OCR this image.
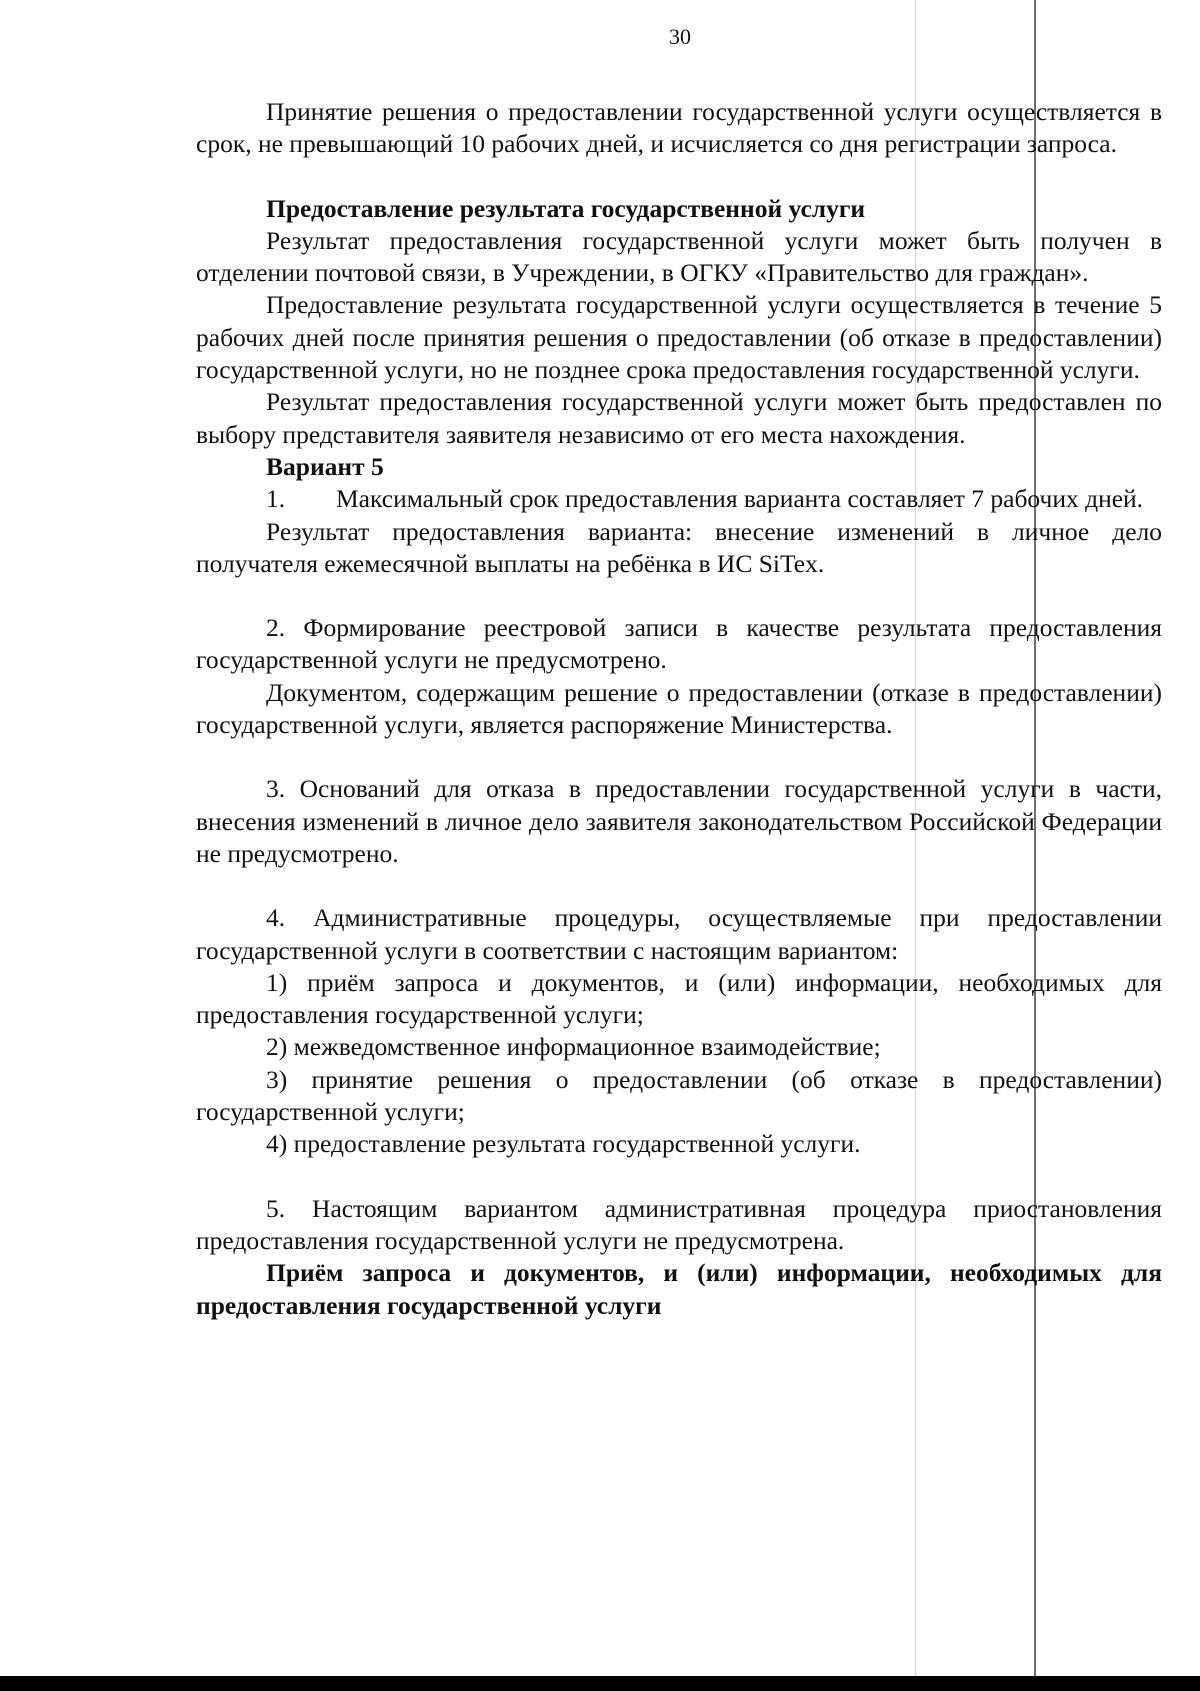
30

Принятие решения о предоставлении государственной услуги осуществляется в срок, не превышающий 10 рабочих дней, и исчисляется со дня регистрации запроса.

Предоставление результата государственной услуги

Результат предоставления государственной услуги может быть получен в отделении почтовой связи, в Учреждении, в ОГКУ «Правительство для граждан».

Предоставление результата государственной услуги осуществляется в течение 5 рабочих дней после принятия решения о предоставлении (об отказе в предоставлении) государственной услуги, но не позднее срока предоставления государственной услуги.

Результат предоставления государственной услуги может быть предоставлен по выбору представителя заявителя независимо от его места нахождения.

Вариант 5

1.	Максимальный срок предоставления варианта составляет 7 рабочих дней.

Результат предоставления варианта: внесение изменений в личное дело получателя ежемесячной выплаты на ребёнка в ИС SiTex.

2. Формирование реестровой записи в качестве результата предоставления государственной услуги не предусмотрено.

Документом, содержащим решение о предоставлении (отказе в предоставлении) государственной услуги, является распоряжение Министерства.

3. Оснований для отказа в предоставлении государственной услуги в части, внесения изменений в личное дело заявителя законодательством Российской Федерации не предусмотрено.

4. Административные процедуры, осуществляемые при предоставлении государственной услуги в соответствии с настоящим вариантом:

1) приём запроса и документов, и (или) информации, необходимых для предоставления государственной услуги;

2) межведомственное информационное взаимодействие;

3) принятие решения о предоставлении (об отказе в предоставлении) государственной услуги;

4) предоставление результата государственной услуги.

5. Настоящим вариантом административная процедура приостановления предоставления государственной услуги не предусмотрена.

Приём запроса и документов, и (или) информации, необходимых для предоставления государственной услуги
